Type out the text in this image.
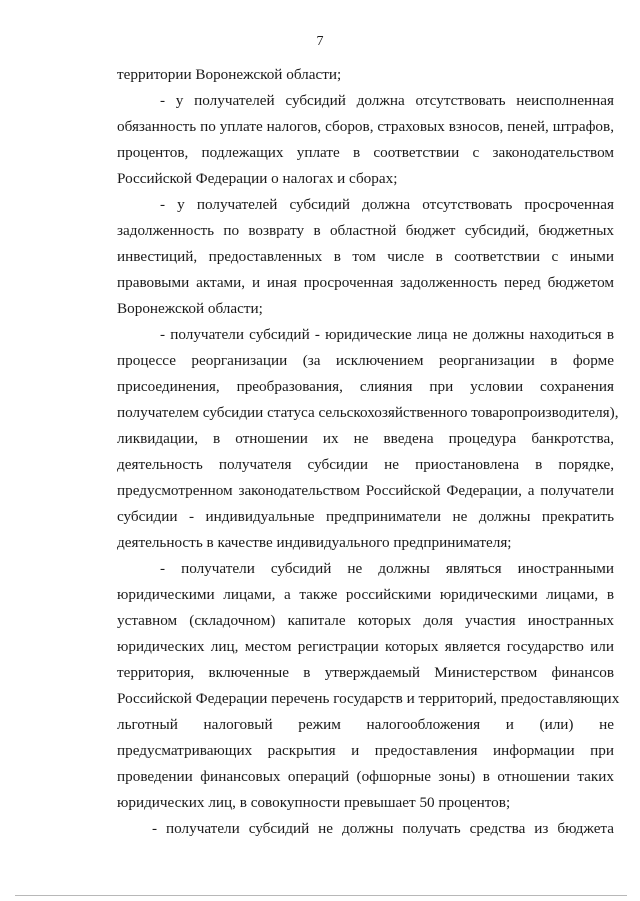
7
территории Воронежской области;
- у получателей субсидий должна отсутствовать неисполненная
обязанность по уплате налогов, сборов, страховых взносов, пеней, штрафов,
процентов, подлежащих уплате в соответствии с законодательством
Российской Федерации о налогах и сборах;
- у получателей субсидий должна отсутствовать просроченная
задолженность по возврату в областной бюджет субсидий, бюджетных
инвестиций, предоставленных в том числе в соответствии с иными
правовыми актами, и иная просроченная задолженность перед бюджетом
Воронежской области;
- получатели субсидий - юридические лица не должны находиться в
процессе реорганизации (за исключением реорганизации в форме
присоединения, преобразования, слияния при условии сохранения
получателем субсидии статуса сельскохозяйственного товаропроизводителя),
ликвидации, в отношении их не введена процедура банкротства,
деятельность получателя субсидии не приостановлена в порядке,
предусмотренном законодательством Российской Федерации, а получатели
субсидии - индивидуальные предприниматели не должны прекратить
деятельность в качестве индивидуального предпринимателя;
- получатели субсидий не должны являться иностранными
юридическими лицами, а также российскими юридическими лицами, в
уставном (складочном) капитале которых доля участия иностранных
юридических лиц, местом регистрации которых является государство или
территория, включенные в утверждаемый Министерством финансов
Российской Федерации перечень государств и территорий, предоставляющих
льготный налоговый режим налогообложения и (или) не
предусматривающих раскрытия и предоставления информации при
проведении финансовых операций (офшорные зоны) в отношении таких
юридических лиц, в совокупности превышает 50 процентов;
- получатели субсидий не должны получать средства из бюджета
